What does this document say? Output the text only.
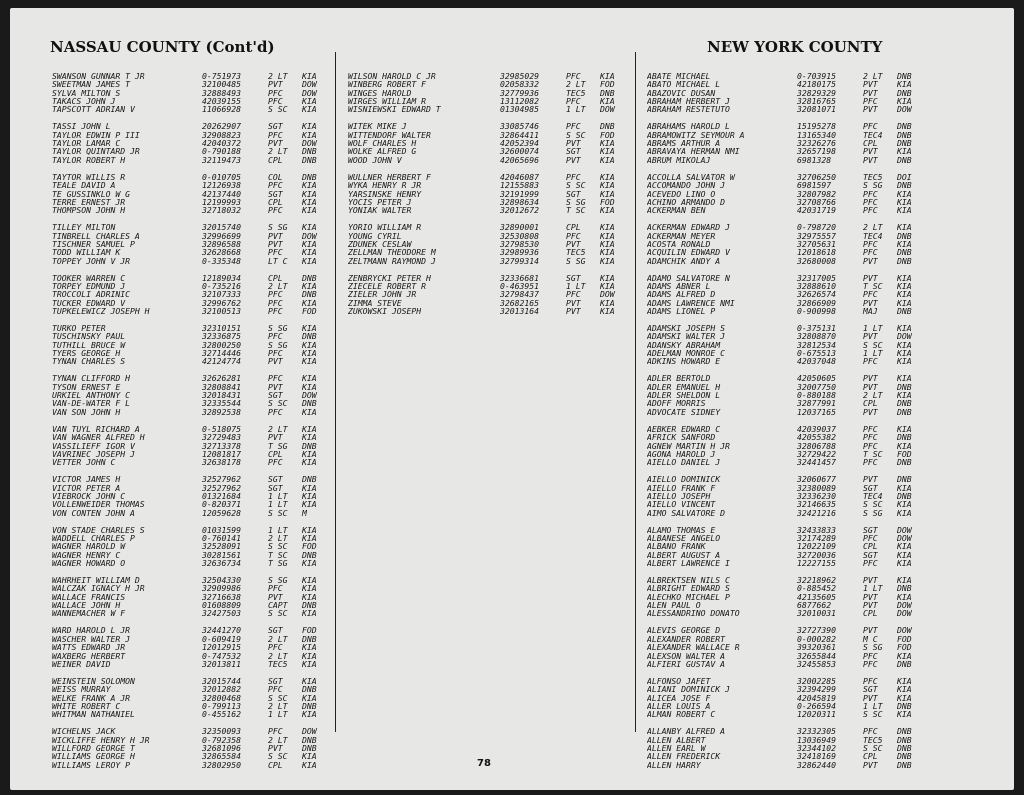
NASSAU COUNTY (Cont'd)	NEW YORK COUNTY
SWANSON GUNNAR T JR	0-751973	2 LT	KIA
SWEETMAN JAMES T	32100485	PVT	DOW
SYLVA MILTON S	32888493	PFC	DOW
TAKACS JOHN J	42039155	PFC	KIA
TAPSCOTT ADRIAN V	11066928	S SC	KIA
TASSI JOHN L	20262907	SGT	KIA
TAYLOR EDWIN P III	32908823	PFC	KIA
TAYLOR LAMAR C	42040372	PVT	DOW
TAYLOR QUINTARD JR	0-790188	2 LT	DNB
TAYLOR ROBERT H	32119473	CPL	DNB
TAYTOR WILLIS R	0-010705	COL	DNB
TEALE DAVID A	12126938	PFC	KIA
TE GUSSINKLO W G	42137440	SGT	KIA
TERRE ERNEST JR	12199993	CPL	KIA
THOMPSON JOHN H	32718032	PFC	KIA
TILLEY MILTON	32015740	S SG	KIA
TINBRELL CHARLES A	32996699	PVT	DOW
TISCHNER SAMUEL P	32896588	PVT	KIA
TODD WILLIAM K	32628668	PFC	KIA
TOPPEY JOHN V JR	0-335348	LT C	KIA
TOOKER WARREN C	12189034	CPL	DNB
TORPEY EDMUND J	0-735216	2 LT	KIA
TROCCOLI ADRINIC	32107333	PFC	DNB
TUCKER EDWARD V	32996762	PFC	KIA
TUPKELEWICZ JOSEPH H	32100513	PFC	FOD
TURKO PETER	32310151	S SG	KIA
TUSCHINSKY PAUL	32336875	PFC	DNB
TUTHILL BRUCE W	32800250	S SG	KIA
TYERS GEORGE H	32714446	PFC	KIA
TYNAN CHARLES S	42124774	PVT	KIA
TYNAN CLIFFORD H	32626281	PFC	KIA
TYSON ERNEST E	32808841	PVT	KIA
URKIEL ANTHONY C	32018431	SGT	DOW
VAN-DE-WATER F L	32335544	S SC	DNB
VAN SON JOHN H	32892538	PFC	KIA
VAN TUYL RICHARD A	0-518075	2 LT	KIA
VAN WAGNER ALFRED H	32729483	PVT	KIA
VASSILIEFF IGOR V	32713378	T SG	DNB
VAVRINEC JOSEPH J	12081817	CPL	KIA
VETTER JOHN C	32638178	PFC	KIA
VICTOR JAMES H	32527962	SGT	DNB
VICTOR PETER A	32527962	SGT	KIA
VIEBROCK JOHN C	01321684	1 LT	KIA
VOLLENWEIDER THOMAS	0-820371	1 LT	KIA
VON CONTEN JOHN A	12059628	S SC	M
VON STADE CHARLES S	01031599	1 LT	KIA
WADDELL CHARLES P	0-760141	2 LT	KIA
WAGNER HAROLD W	32528091	S SC	FOD
WAGNER HENRY C	30281561	T SC	DNB
WAGNER HOWARD O	32636734	T SG	KIA
WAHRHEIT WILLIAM D	32504330	S SG	KIA
WALCZAK IGNACY H JR	32909986	PFC	KIA
WALLACE FRANCIS	32716638	PVT	KIA
WALLACE JOHN H	01608809	CAPT	DNB
WANNEMACHER W F	32427503	S SC	KIA
WARD HAROLD L JR	32441270	SGT	FOD
WASCHER WALTER J	0-609419	2 LT	DNB
WATTS EDWARD JR	12012915	PFC	KIA
WAXBERG HERBERT	0-747532	2 LT	KIA
WEINER DAVID	32013811	TEC5	KIA
WEINSTEIN SOLOMON	32015744	SGT	KIA
WEISS MURRAY	32012882	PFC	DNB
WELKE FRANK A JR	32800468	S SC	KIA
WHITE ROBERT C	0-799113	2 LT	DNB
WHITMAN NATHANIEL	0-455162	1 LT	KIA
WICHELNS JACK	32350093	PFC	DOW
WICKLIFFE HENRY H JR	0-792358	2 LT	DNB
WILLFORD GEORGE T	32681096	PVT	DNB
WILLIAMS GEORGE H	32865584	S SC	KIA
WILLIAMS LEROY P	32802950	CPL	KIA
WILSON HAROLD C JR	32985029	PFC	KIA
WINBERG ROBERT F	02058332	2 LT	FOD
WINGES HAROLD	32779936	TEC5	DNB
WIRGES WILLIAM R	13112082	PFC	KIA
WISNIEWSKI EDWARD T	01304985	1 LT	DOW
WITEK MIKE J	33085746	PFC	DNB
WITTENDORF WALTER	32864411	S SC	FOD
WOLF CHARLES H	42052394	PVT	KIA
WOLKE ALFRED G	32600074	SGT	KIA
WOOD JOHN V	42065696	PVT	KIA
WULLNER HERBERT F	42046087	PFC	KIA
WYKA HENRY R JR	12155883	S SC	KIA
YARSINSKE HENRY	32191999	SGT	KIA
YOCIS PETER J	32898634	S SG	FOD
YONIAK WALTER	32012672	T SC	KIA
YORIO WILLIAM R	32890001	CPL	KIA
YOUNG CYRIL	32530808	PFC	KIA
ZDUNEK CESLAW	32798530	PVT	KIA
ZELLMAN THEODORE M	32989936	TEC5	KIA
ZELTMANN RAYMOND J	32799314	S SG	KIA
ZENBRYCKI PETER H	32336681	SGT	KIA
ZIECELE ROBERT R	0-463951	1 LT	KIA
ZIELER JOHN JR	32798437	PFC	DOW
ZIMMA STEVE	32682165	PVT	KIA
ZUKOWSKI JOSEPH	32013164	PVT	KIA
ABATE MICHAEL	0-703915	2 LT	DNB
ABATO MICHAEL L	42180175	PVT	KIA
ABAZOVIC DUSAN	32829329	PVT	DNB
ABRAHAM HERBERT J	32816765	PFC	KIA
ABRAHAM RESTETUTO	32081071	PVT	DOW
ABRAHAMS HAROLD L	15195278	PFC	DNB
ABRAMOWITZ SEYMOUR A	13165340	TEC4	DNB
ABRAMS ARTHUR A	32326276	CPL	DNB
ABRAVAYA HERMAN NMI	32657198	PVT	KIA
ABRUM MIKOLAJ	6981328	PVT	DNB
ACCOLLA SALVATOR W	32706250	TEC5	DOI
ACCOMANDO JOHN J	6981597	S SG	DNB
ACEVEDO LINO O	32807982	PFC	KIA
ACHINO ARMANDO D	32708766	PFC	KIA
ACKERMAN BEN	42031719	PFC	KIA
ACKERMAN EDWARD J	0-798720	2 LT	KIA
ACKERMAN MEYER	32975557	TEC4	DNB
ACOSTA RONALD	32705631	PFC	KIA
ACQUILIN EDWARD V	12018618	PFC	DNB
ADAMCHIK ANDY A	32680008	PVT	DNB
ADAMO SALVATORE N	32317005	PVT	KIA
ADAMS ABNER L	32888610	T SC	KIA
ADAMS ALFRED D	32626574	PFC	KIA
ADAMS LAWRENCE NMI	32866909	PVT	KIA
ADAMS LIONEL P	0-900998	MAJ	DNB
ADAMSKI JOSEPH S	0-375131	1 LT	KIA
ADAMSKI WALTER J	32808870	PVT	DOW
ADANSKY ABRAHAM	32812534	S SC	KIA
ADELMAN MONROE C	0-675513	1 LT	KIA
ADKINS HOWARD E	42037048	PFC	KIA
ADLER BERTOLD	42050605	PVT	KIA
ADLER EMANUEL H	32007750	PVT	DNB
ADLER SHELDON L	0-880188	2 LT	KIA
ADOFF MORRIS	32877991	CPL	DNB
ADVOCATE SIDNEY	12037165	PVT	DNB
AEBKER EDWARD C	42039037	PFC	KIA
AFRICK SANFORD	42055382	PFC	DNB
AGNEW MARTIN H JR	32806788	PFC	KIA
AGONA HAROLD J	32729422	T SC	FOD
AIELLO DANIEL J	32441457	PFC	DNB
AIELLO DOMINICK	32060677	PVT	DNB
AIELLO FRANK F	32380089	SGT	KIA
AIELLO JOSEPH	32336230	TEC4	DNB
AIELLO VINCENT	32146635	S SC	KIA
AIMO SALVATORE D	32421216	S SG	KIA
ALAMO THOMAS E	32433833	SGT	DOW
ALBANESE ANGELO	32174289	PFC	DOW
ALBANO FRANK	12022109	CPL	KIA
ALBERT AUGUST A	32720036	SGT	KIA
ALBERT LAWRENCE I	12227155	PFC	KIA
ALBREKTSEN NILS C	32218962	PVT	KIA
ALBRIGHT EDWARD S	0-885452	1 LT	DNB
ALECHKO MICHAEL P	42135605	PVT	KIA
ALEN PAUL O	6877662	PVT	DOW
ALESSANDRINO DONATO	32010031	CPL	DOW
ALEVIS GEORGE D	32727390	PVT	DOW
ALEXANDER ROBERT	0-000282	M C	FOD
ALEXANDER WALLACE R	39320361	S SG	FOD
ALEXSON WALTER A	32655844	PFC	KIA
ALFIERI GUSTAV A	32455853	PFC	DNB
ALFONSO JAFET	32002285	PFC	KIA
ALIANI DOMINICK J	32394299	SGT	KIA
ALICEA JOSE F	42045819	PVT	KIA
ALLER LOUIS A	0-266594	1 LT	DNB
ALMAN ROBERT C	12020311	S SC	KIA
ALLANBY ALFRED A	32332305	PFC	DNB
ALLEN ALBERT	13036949	TEC5	DNB
ALLEN EARL W	32344102	S SC	DNB
ALLEN FREDERICK	32418169	CPL	DNB
ALLEN HARRY	32862440	PVT	DNB
78
